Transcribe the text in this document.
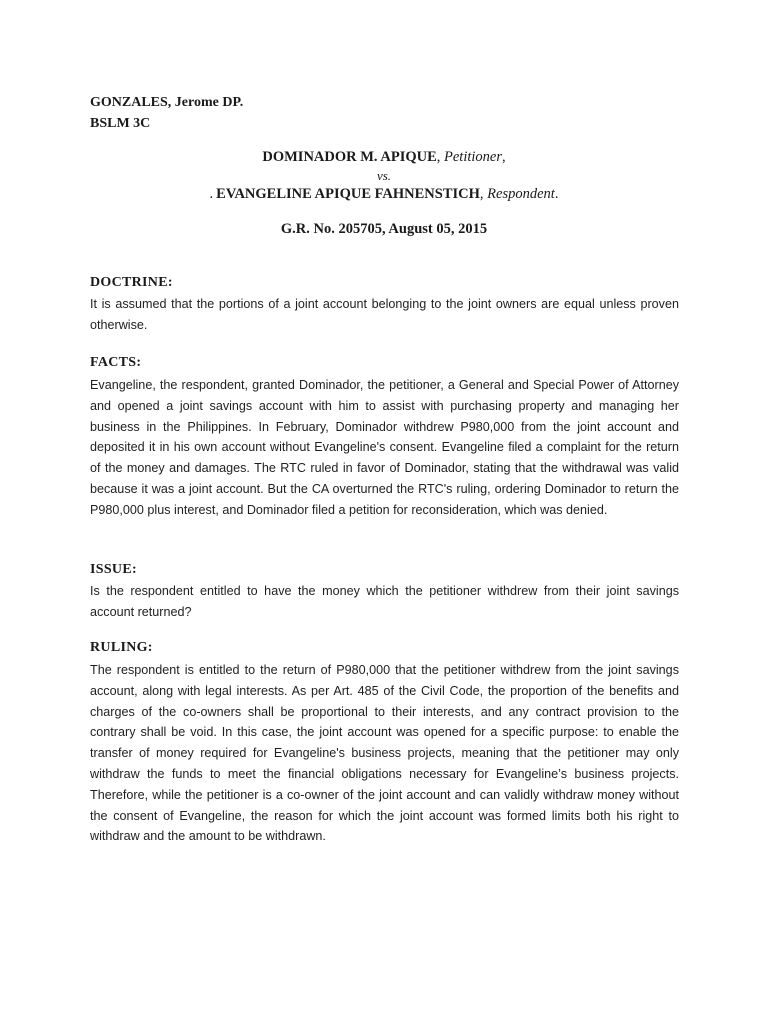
GONZALES, Jerome DP.
BSLM 3C
DOMINADOR M. APIQUE, Petitioner,
vs.
. EVANGELINE APIQUE FAHNENSTICH, Respondent.
G.R. No. 205705, August 05, 2015
DOCTRINE:
It is assumed that the portions of a joint account belonging to the joint owners are equal unless proven otherwise.
FACTS:
Evangeline, the respondent, granted Dominador, the petitioner, a General and Special Power of Attorney and opened a joint savings account with him to assist with purchasing property and managing her business in the Philippines. In February, Dominador withdrew P980,000 from the joint account and deposited it in his own account without Evangeline's consent. Evangeline filed a complaint for the return of the money and damages. The RTC ruled in favor of Dominador, stating that the withdrawal was valid because it was a joint account. But the CA overturned the RTC's ruling, ordering Dominador to return the P980,000 plus interest, and Dominador filed a petition for reconsideration, which was denied.
ISSUE:
Is the respondent entitled to have the money which the petitioner withdrew from their joint savings account returned?
RULING:
The respondent is entitled to the return of P980,000 that the petitioner withdrew from the joint savings account, along with legal interests. As per Art. 485 of the Civil Code, the proportion of the benefits and charges of the co-owners shall be proportional to their interests, and any contract provision to the contrary shall be void. In this case, the joint account was opened for a specific purpose: to enable the transfer of money required for Evangeline's business projects, meaning that the petitioner may only withdraw the funds to meet the financial obligations necessary for Evangeline’s business projects. Therefore, while the petitioner is a co-owner of the joint account and can validly withdraw money without the consent of Evangeline, the reason for which the joint account was formed limits both his right to withdraw and the amount to be withdrawn.
